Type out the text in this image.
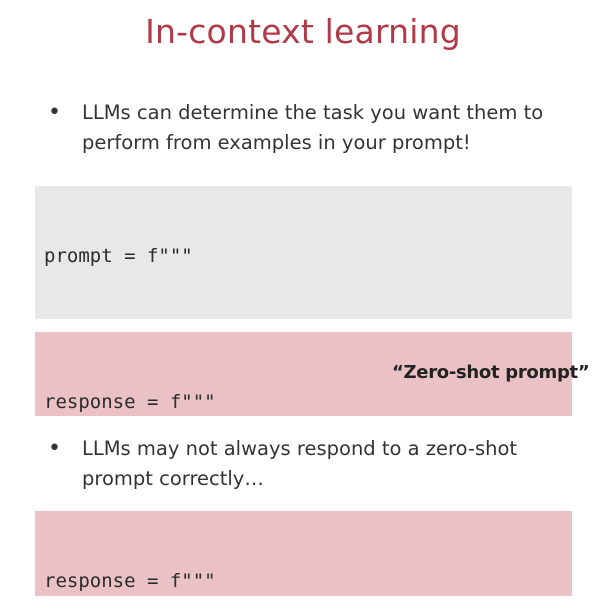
In-context learning
•	LLMs can determine the task you want them to
perform from examples in your prompt!

prompt = f"""

response = f"""

“Zero-shot prompt”
•	LLMs may not always respond to a zero-shot
prompt correctly…

response = f"""
